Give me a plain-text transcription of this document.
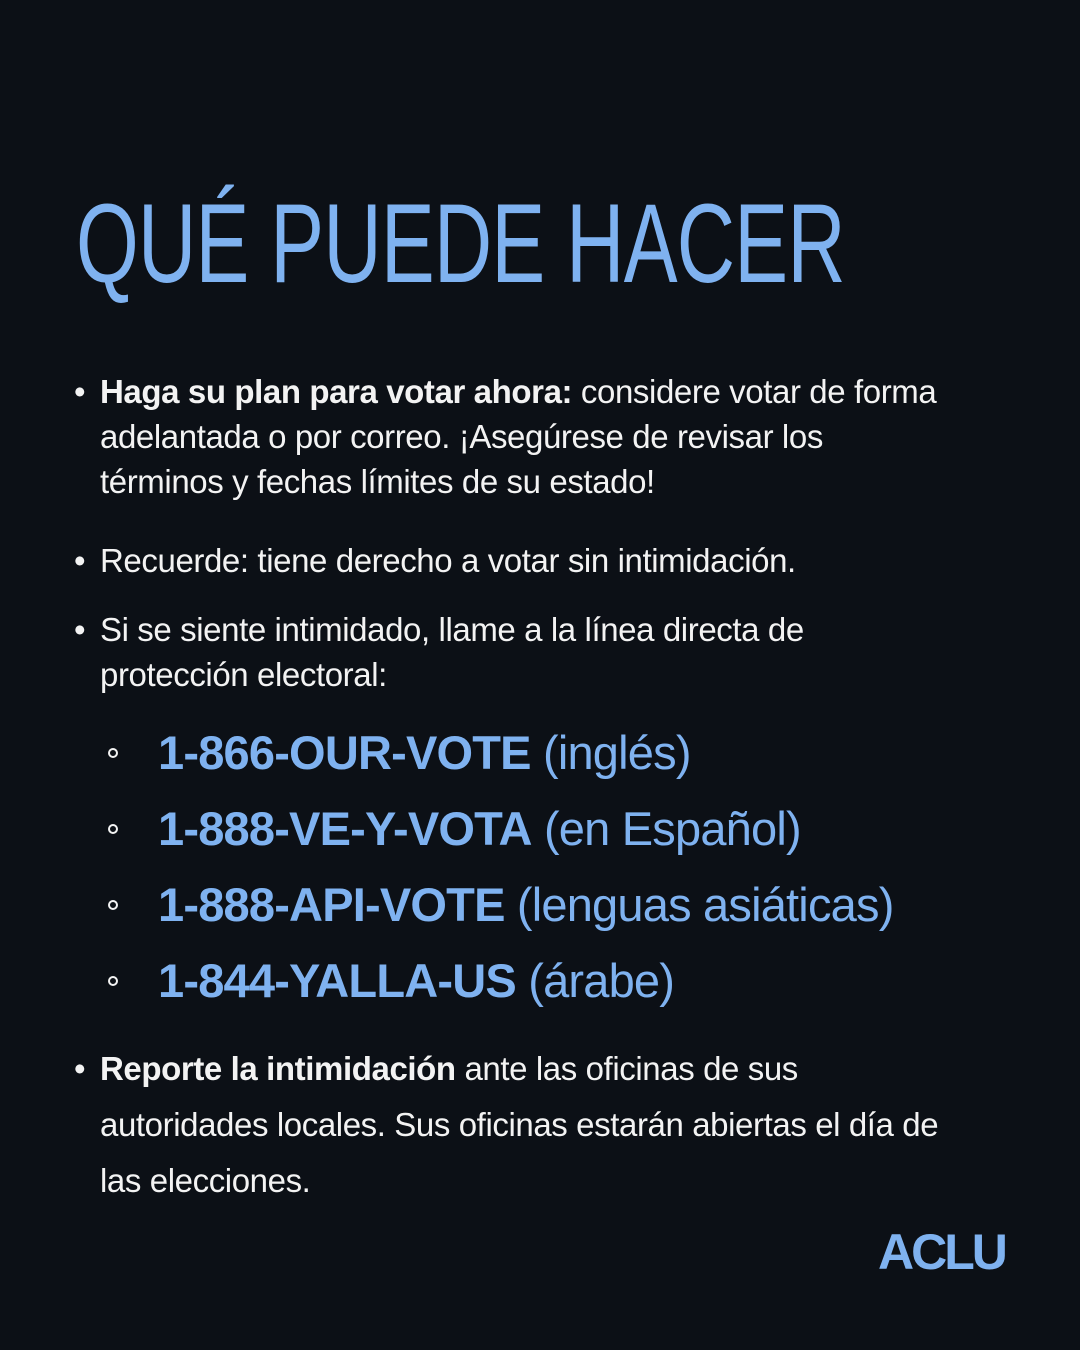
QUÉ PUEDE HACER

• Haga su plan para votar ahora: considere votar de forma adelantada o por correo. ¡Asegúrese de revisar los términos y fechas límites de su estado!

• Recuerde: tiene derecho a votar sin intimidación.

• Si se siente intimidado, llame a la línea directa de protección electoral:

1-866-OUR-VOTE (inglés)
1-888-VE-Y-VOTA (en Español)
1-888-API-VOTE (lenguas asiáticas)
1-844-YALLA-US (árabe)

• Reporte la intimidación ante las oficinas de sus autoridades locales. Sus oficinas estarán abiertas el día de las elecciones.

ACLU
